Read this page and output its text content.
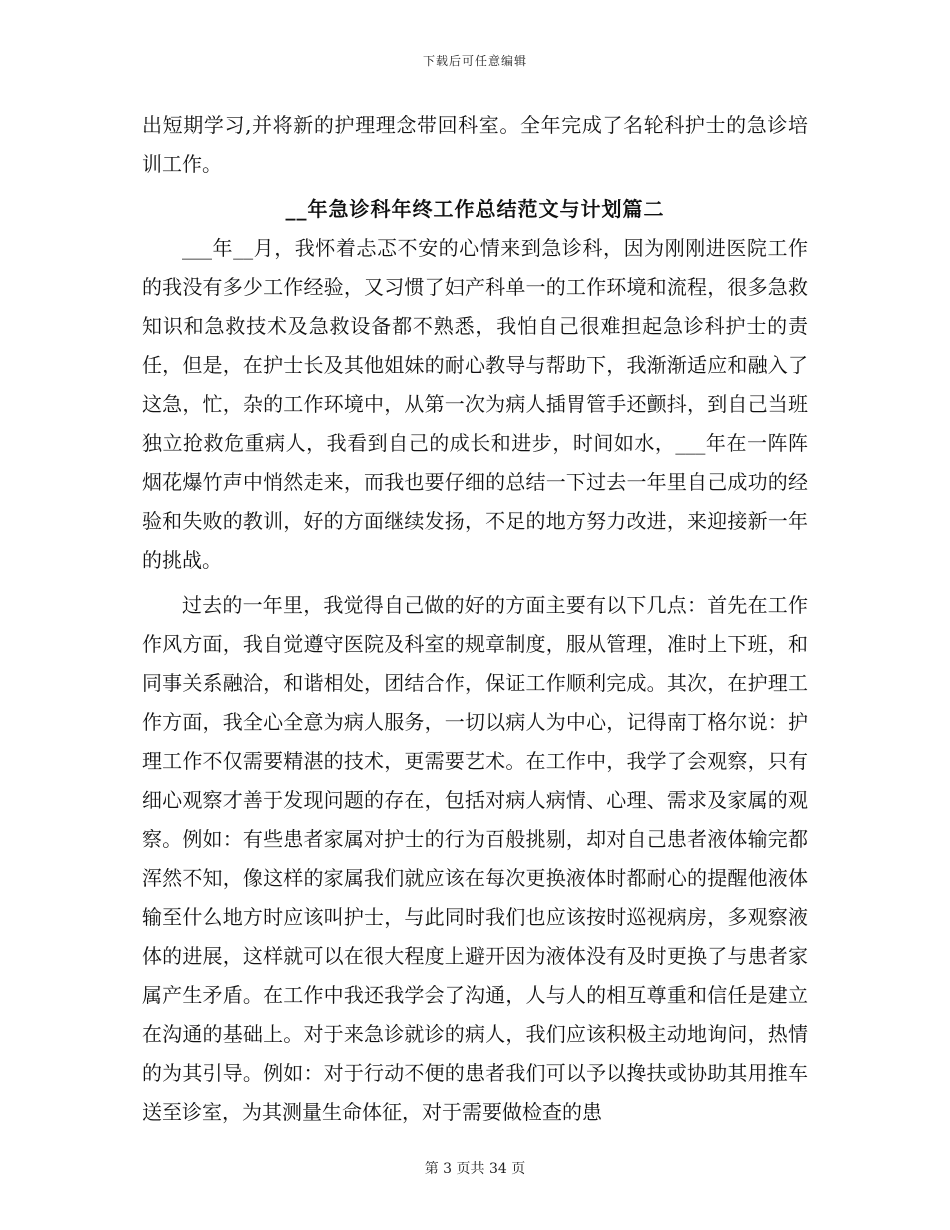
下载后可任意编辑

出短期学习,并将新的护理理念带回科室。全年完成了名轮科护士的急诊培训工作。

__年急诊科年终工作总结范文与计划篇二

___年__月，我怀着忐忑不安的心情来到急诊科，因为刚刚进医院工作的我没有多少工作经验，又习惯了妇产科单一的工作环境和流程，很多急救知识和急救技术及急救设备都不熟悉，我怕自己很难担起急诊科护士的责任，但是，在护士长及其他姐妹的耐心教导与帮助下，我渐渐适应和融入了这急，忙，杂的工作环境中，从第一次为病人插胃管手还颤抖，到自己当班独立抢救危重病人，我看到自己的成长和进步，时间如水，___年在一阵阵烟花爆竹声中悄然走来，而我也要仔细的总结一下过去一年里自己成功的经验和失败的教训，好的方面继续发扬，不足的地方努力改进，来迎接新一年的挑战。

过去的一年里，我觉得自己做的好的方面主要有以下几点：首先在工作作风方面，我自觉遵守医院及科室的规章制度，服从管理，准时上下班，和同事关系融洽，和谐相处，团结合作，保证工作顺利完成。其次，在护理工作方面，我全心全意为病人服务，一切以病人为中心，记得南丁格尔说：护理工作不仅需要精湛的技术，更需要艺术。在工作中，我学了会观察，只有细心观察才善于发现问题的存在，包括对病人病情、心理、需求及家属的观察。例如：有些患者家属对护士的行为百般挑剔，却对自己患者液体输完都浑然不知，像这样的家属我们就应该在每次更换液体时都耐心的提醒他液体输至什么地方时应该叫护士，与此同时我们也应该按时巡视病房，多观察液体的进展，这样就可以在很大程度上避开因为液体没有及时更换了与患者家属产生矛盾。在工作中我还我学会了沟通，人与人的相互尊重和信任是建立在沟通的基础上。对于来急诊就诊的病人，我们应该积极主动地询问，热情的为其引导。例如：对于行动不便的患者我们可以予以搀扶或协助其用推车送至诊室，为其测量生命体征，对于需要做检查的患

第 3 页共 34 页
